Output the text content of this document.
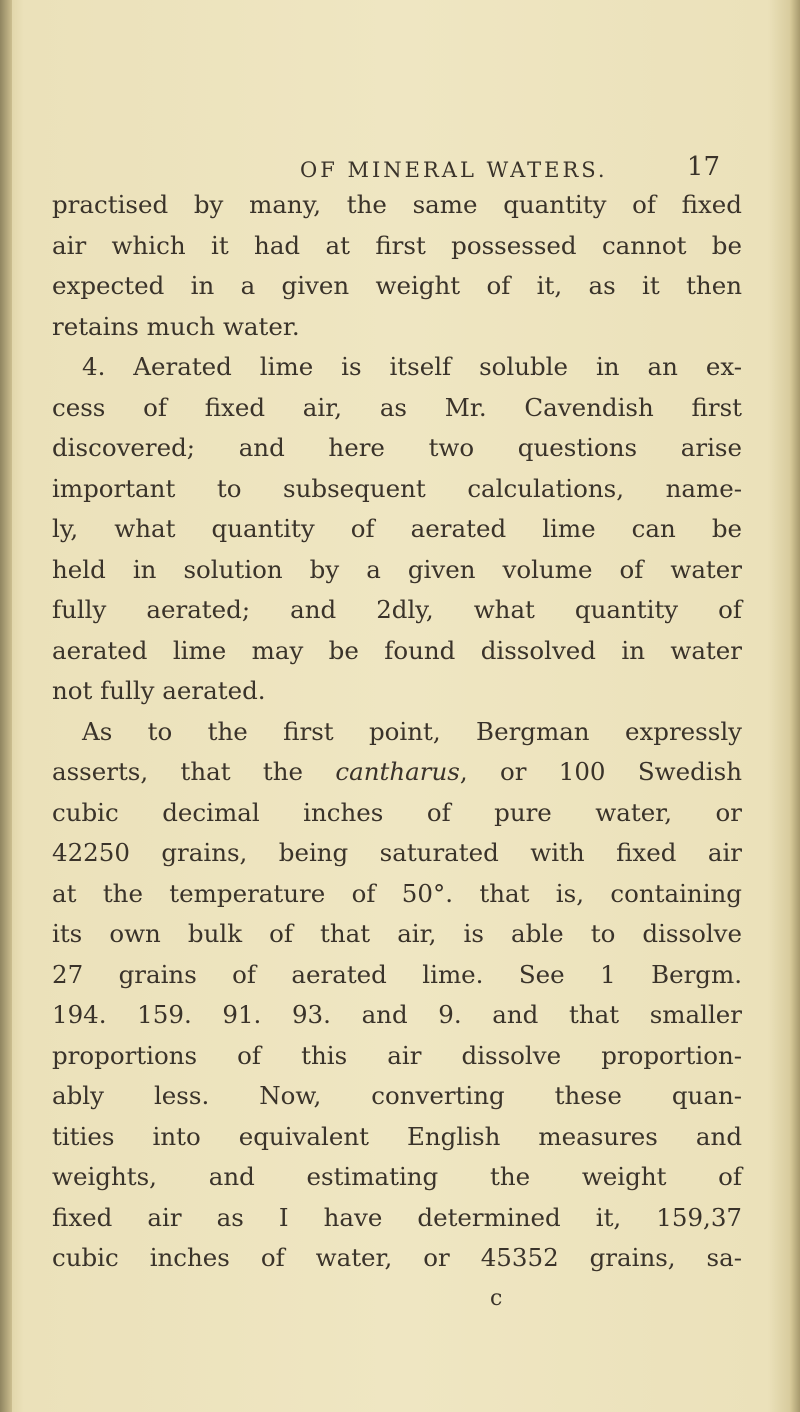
OF MINERAL WATERS.	17
practised by many, the same quantity of fixed
air which it had at first possessed cannot be
expected in a given weight of it, as it then
retains much water.
4. Aerated lime is itself soluble in an ex-
cess of fixed air, as Mr. Cavendish first
discovered; and here two questions arise
important to subsequent calculations, name-
ly, what quantity of aerated lime can be
held in solution by a given volume of water
fully aerated; and 2dly, what quantity of
aerated lime may be found dissolved in water
not fully aerated.
As to the first point, Bergman expressly
asserts, that the cantharus, or 100 Swedish
cubic decimal inches of pure water, or
42250 grains, being saturated with fixed air
at the temperature of 50°. that is, containing
its own bulk of that air, is able to dissolve
27 grains of aerated lime. See 1 Bergm.
194. 159. 91. 93. and 9. and that smaller
proportions of this air dissolve proportion-
ably less. Now, converting these quan-
tities into equivalent English measures and
weights, and estimating the weight of
fixed air as I have determined it, 159,37
cubic inches of water, or 45352 grains, sa-
c
